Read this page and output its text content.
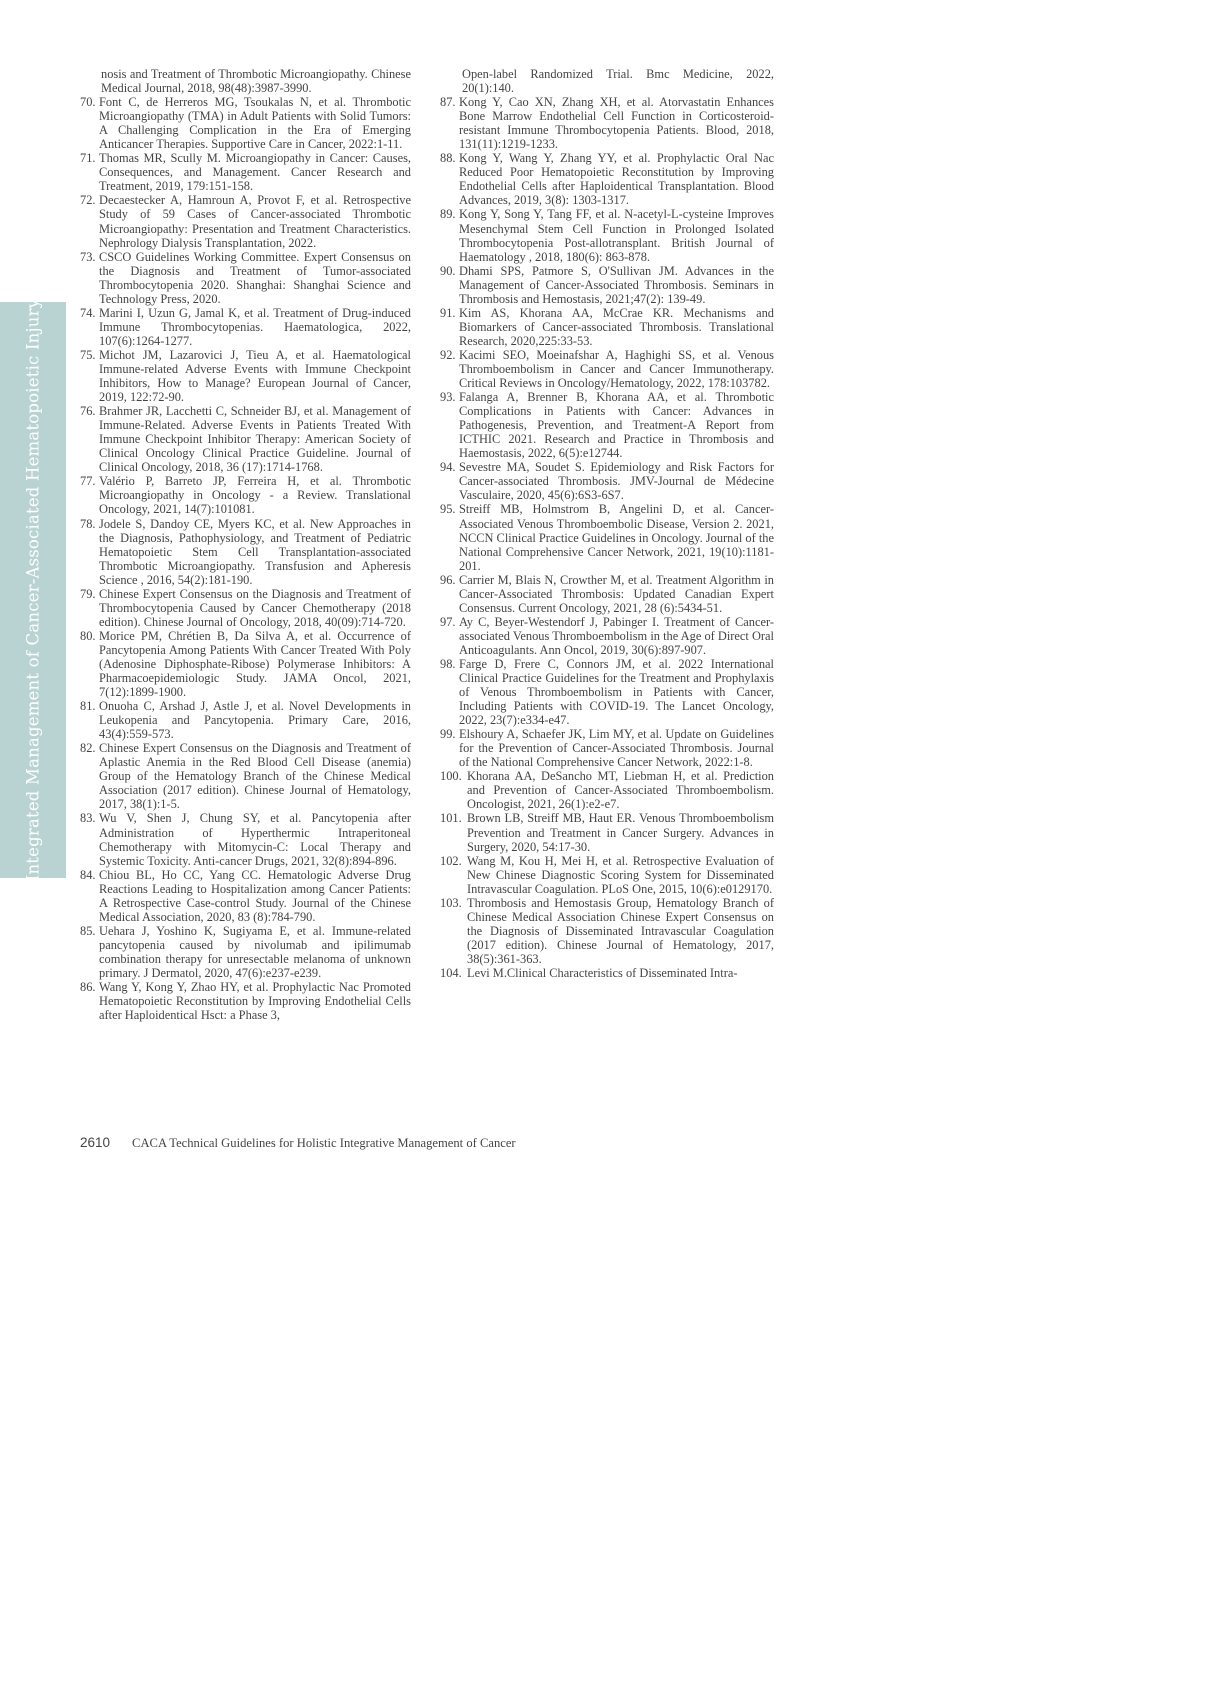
Integrated Management of Cancer-Associated Hematopoietic Injury
nosis and Treatment of Thrombotic Microangiopathy. Chinese Medical Journal, 2018, 98(48):3987-3990.
70. Font C, de Herreros MG, Tsoukalas N, et al. Thrombotic Microangiopathy (TMA) in Adult Patients with Solid Tumors: A Challenging Complication in the Era of Emerging Anticancer Therapies. Supportive Care in Cancer, 2022:1-11.
71. Thomas MR, Scully M. Microangiopathy in Cancer: Causes, Consequences, and Management. Cancer Research and Treatment, 2019, 179:151-158.
72. Decaestecker A, Hamroun A, Provot F, et al. Retrospective Study of 59 Cases of Cancer-associated Thrombotic Microangiopathy: Presentation and Treatment Characteristics. Nephrology Dialysis Transplantation, 2022.
73. CSCO Guidelines Working Committee. Expert Consensus on the Diagnosis and Treatment of Tumor-associated Thrombocytopenia 2020. Shanghai: Shanghai Science and Technology Press, 2020.
74. Marini I, Uzun G, Jamal K, et al. Treatment of Drug-induced Immune Thrombocytopenias. Haematologica, 2022, 107(6):1264-1277.
75. Michot JM, Lazarovici J, Tieu A, et al. Haematological Immune-related Adverse Events with Immune Checkpoint Inhibitors, How to Manage? European Journal of Cancer, 2019, 122:72-90.
76. Brahmer JR, Lacchetti C, Schneider BJ, et al. Management of Immune-Related. Adverse Events in Patients Treated With Immune Checkpoint Inhibitor Therapy: American Society of Clinical Oncology Clinical Practice Guideline. Journal of Clinical Oncology, 2018, 36 (17):1714-1768.
77. Valério P, Barreto JP, Ferreira H, et al. Thrombotic Microangiopathy in Oncology - a Review. Translational Oncology, 2021, 14(7):101081.
78. Jodele S, Dandoy CE, Myers KC, et al. New Approaches in the Diagnosis, Pathophysiology, and Treatment of Pediatric Hematopoietic Stem Cell Transplantation-associated Thrombotic Microangiopathy. Transfusion and Apheresis Science , 2016, 54(2):181-190.
79. Chinese Expert Consensus on the Diagnosis and Treatment of Thrombocytopenia Caused by Cancer Chemotherapy (2018 edition). Chinese Journal of Oncology, 2018, 40(09):714-720.
80. Morice PM, Chrétien B, Da Silva A, et al. Occurrence of Pancytopenia Among Patients With Cancer Treated With Poly (Adenosine Diphosphate-Ribose) Polymerase Inhibitors: A Pharmacoepidemiologic Study. JAMA Oncol, 2021, 7(12):1899-1900.
81. Onuoha C, Arshad J, Astle J, et al. Novel Developments in Leukopenia and Pancytopenia. Primary Care, 2016, 43(4):559-573.
82. Chinese Expert Consensus on the Diagnosis and Treatment of Aplastic Anemia in the Red Blood Cell Disease (anemia) Group of the Hematology Branch of the Chinese Medical Association (2017 edition). Chinese Journal of Hematology, 2017, 38(1):1-5.
83. Wu V, Shen J, Chung SY, et al. Pancytopenia after Administration of Hyperthermic Intraperitoneal Chemotherapy with Mitomycin-C: Local Therapy and Systemic Toxicity. Anti-cancer Drugs, 2021, 32(8):894-896.
84. Chiou BL, Ho CC, Yang CC. Hematologic Adverse Drug Reactions Leading to Hospitalization among Cancer Patients: A Retrospective Case-control Study. Journal of the Chinese Medical Association, 2020, 83 (8):784-790.
85. Uehara J, Yoshino K, Sugiyama E, et al. Immune-related pancytopenia caused by nivolumab and ipilimumab combination therapy for unresectable melanoma of unknown primary. J Dermatol, 2020, 47(6):e237-e239.
86. Wang Y, Kong Y, Zhao HY, et al. Prophylactic Nac Promoted Hematopoietic Reconstitution by Improving Endothelial Cells after Haploidentical Hsct: a Phase 3,
Open-label Randomized Trial. Bmc Medicine, 2022, 20(1):140.
87. Kong Y, Cao XN, Zhang XH, et al. Atorvastatin Enhances Bone Marrow Endothelial Cell Function in Corticosteroid-resistant Immune Thrombocytopenia Patients. Blood, 2018, 131(11):1219-1233.
88. Kong Y, Wang Y, Zhang YY, et al. Prophylactic Oral Nac Reduced Poor Hematopoietic Reconstitution by Improving Endothelial Cells after Haploidentical Transplantation. Blood Advances, 2019, 3(8): 1303-1317.
89. Kong Y, Song Y, Tang FF, et al. N-acetyl-L-cysteine Improves Mesenchymal Stem Cell Function in Prolonged Isolated Thrombocytopenia Post-allotransplant. British Journal of Haematology , 2018, 180(6): 863-878.
90. Dhami SPS, Patmore S, O'Sullivan JM. Advances in the Management of Cancer-Associated Thrombosis. Seminars in Thrombosis and Hemostasis, 2021;47(2): 139-49.
91. Kim AS, Khorana AA, McCrae KR. Mechanisms and Biomarkers of Cancer-associated Thrombosis. Translational Research, 2020,225:33-53.
92. Kacimi SEO, Moeinafshar A, Haghighi SS, et al. Venous Thromboembolism in Cancer and Cancer Immunotherapy. Critical Reviews in Oncology/Hematology, 2022, 178:103782.
93. Falanga A, Brenner B, Khorana AA, et al. Thrombotic Complications in Patients with Cancer: Advances in Pathogenesis, Prevention, and Treatment-A Report from ICTHIC 2021. Research and Practice in Thrombosis and Haemostasis, 2022, 6(5):e12744.
94. Sevestre MA, Soudet S. Epidemiology and Risk Factors for Cancer-associated Thrombosis. JMV-Journal de Médecine Vasculaire, 2020, 45(6):6S3-6S7.
95. Streiff MB, Holmstrom B, Angelini D, et al. Cancer-Associated Venous Thromboembolic Disease, Version 2. 2021, NCCN Clinical Practice Guidelines in Oncology. Journal of the National Comprehensive Cancer Network, 2021, 19(10):1181-201.
96. Carrier M, Blais N, Crowther M, et al. Treatment Algorithm in Cancer-Associated Thrombosis: Updated Canadian Expert Consensus. Current Oncology, 2021, 28 (6):5434-51.
97. Ay C, Beyer-Westendorf J, Pabinger I. Treatment of Cancer-associated Venous Thromboembolism in the Age of Direct Oral Anticoagulants. Ann Oncol, 2019, 30(6):897-907.
98. Farge D, Frere C, Connors JM, et al. 2022 International Clinical Practice Guidelines for the Treatment and Prophylaxis of Venous Thromboembolism in Patients with Cancer, Including Patients with COVID-19. The Lancet Oncology, 2022, 23(7):e334-e47.
99. Elshoury A, Schaefer JK, Lim MY, et al. Update on Guidelines for the Prevention of Cancer-Associated Thrombosis. Journal of the National Comprehensive Cancer Network, 2022:1-8.
100. Khorana AA, DeSancho MT, Liebman H, et al. Prediction and Prevention of Cancer-Associated Thromboembolism. Oncologist, 2021, 26(1):e2-e7.
101. Brown LB, Streiff MB, Haut ER. Venous Thromboembolism Prevention and Treatment in Cancer Surgery. Advances in Surgery, 2020, 54:17-30.
102. Wang M, Kou H, Mei H, et al. Retrospective Evaluation of New Chinese Diagnostic Scoring System for Disseminated Intravascular Coagulation. PLoS One, 2015, 10(6):e0129170.
103. Thrombosis and Hemostasis Group, Hematology Branch of Chinese Medical Association Chinese Expert Consensus on the Diagnosis of Disseminated Intravascular Coagulation (2017 edition). Chinese Journal of Hematology, 2017, 38(5):361-363.
104. Levi M.Clinical Characteristics of Disseminated Intra-
2610 CACA Technical Guidelines for Holistic Integrative Management of Cancer
